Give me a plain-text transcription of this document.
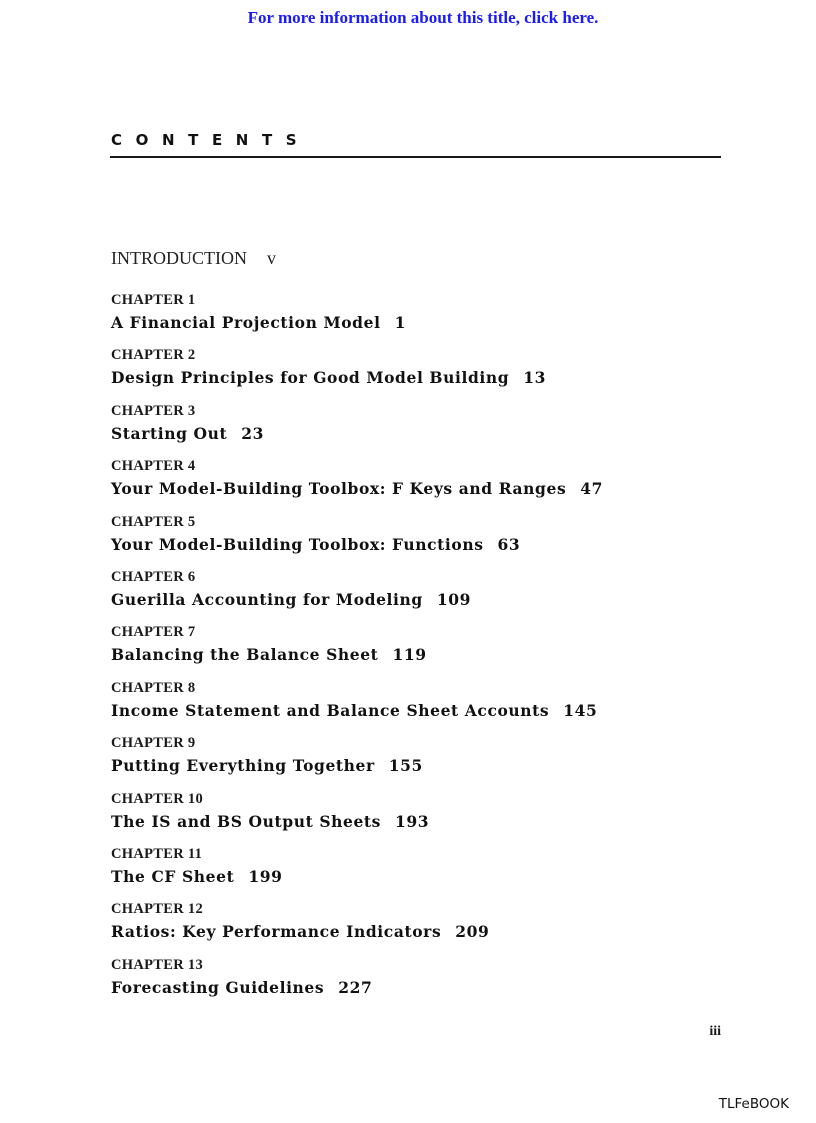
For more information about this title, click here.
CONTENTS
INTRODUCTION v
CHAPTER 1
A Financial Projection Model 1
CHAPTER 2
Design Principles for Good Model Building 13
CHAPTER 3
Starting Out 23
CHAPTER 4
Your Model-Building Toolbox: F Keys and Ranges 47
CHAPTER 5
Your Model-Building Toolbox: Functions 63
CHAPTER 6
Guerilla Accounting for Modeling 109
CHAPTER 7
Balancing the Balance Sheet 119
CHAPTER 8
Income Statement and Balance Sheet Accounts 145
CHAPTER 9
Putting Everything Together 155
CHAPTER 10
The IS and BS Output Sheets 193
CHAPTER 11
The CF Sheet 199
CHAPTER 12
Ratios: Key Performance Indicators 209
CHAPTER 13
Forecasting Guidelines 227
iii
TLFeBOOK
